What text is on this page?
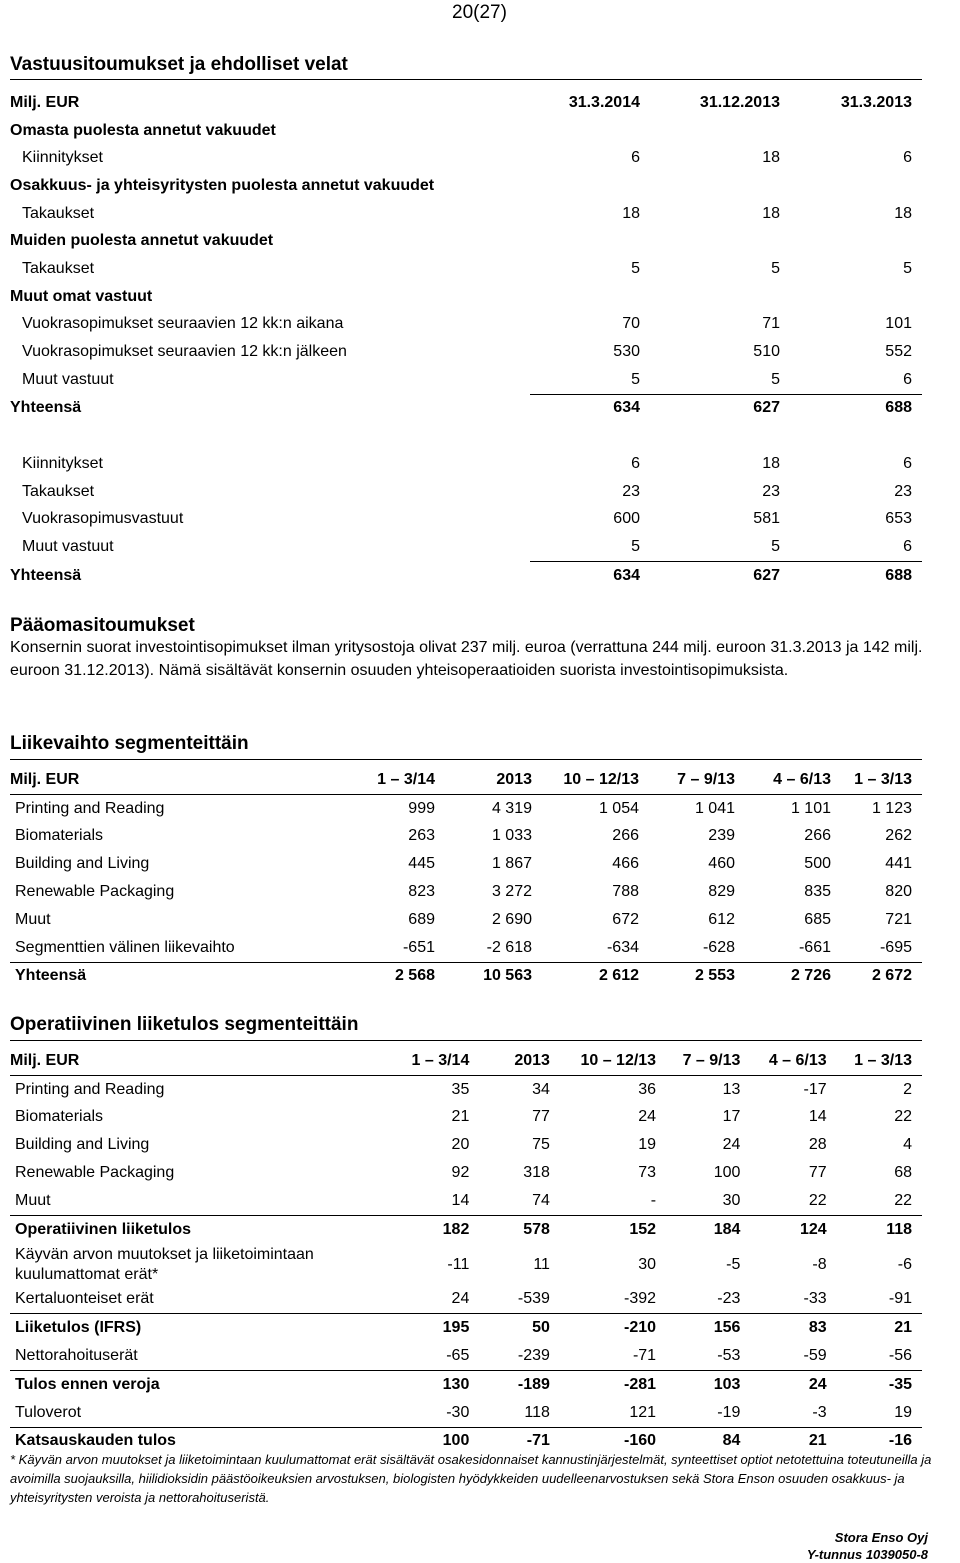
20(27)
Vastuusitoumukset ja ehdolliset velat
Milj. EUR	31.3.2014	31.12.2013	31.3.2013
Omasta puolesta annetut vakuudet			
Kiinnitykset	6	18	6
Osakkuus- ja yhteisyritysten puolesta annetut vakuudet			
Takaukset	18	18	18
Muiden puolesta annetut vakuudet			
Takaukset	5	5	5
Muut omat vastuut			
Vuokrasopimukset seuraavien 12 kk:n aikana	70	71	101
Vuokrasopimukset seuraavien 12 kk:n jälkeen	530	510	552
Muut vastuut	5	5	6
Yhteensä	634	627	688

Kiinnitykset	6	18	6
Takaukset	23	23	23
Vuokrasopimusvastuut	600	581	653
Muut vastuut	5	5	6
Yhteensä	634	627	688
Pääomasitoumukset
Konsernin suorat investointisopimukset ilman yritysostoja olivat 237 milj. euroa (verrattuna 244 milj. euroon 31.3.2013 ja 142 milj. euroon 31.12.2013). Nämä sisältävät konsernin osuuden yhteisoperaatioiden suorista investointisopimuksista.
Liikevaihto segmenteittäin
Milj. EUR	1 – 3/14	2013	10 – 12/13	7 – 9/13	4 – 6/13	1 – 3/13
Printing and Reading	999	4 319	1 054	1 041	1 101	1 123
Biomaterials	263	1 033	266	239	266	262
Building and Living	445	1 867	466	460	500	441
Renewable Packaging	823	3 272	788	829	835	820
Muut	689	2 690	672	612	685	721
Segmenttien välinen liikevaihto	-651	-2 618	-634	-628	-661	-695
Yhteensä	2 568	10 563	2 612	2 553	2 726	2 672
Operatiivinen liiketulos segmenteittäin
Milj. EUR	1 – 3/14	2013	10 – 12/13	7 – 9/13	4 – 6/13	1 – 3/13
Printing and Reading	35	34	36	13	-17	2
Biomaterials	21	77	24	17	14	22
Building and Living	20	75	19	24	28	4
Renewable Packaging	92	318	73	100	77	68
Muut	14	74	-	30	22	22
Operatiivinen liiketulos	182	578	152	184	124	118
Käyvän arvon muutokset ja liiketoimintaan kuulumattomat erät*	-11	11	30	-5	-8	-6
Kertaluonteiset erät	24	-539	-392	-23	-33	-91
Liiketulos (IFRS)	195	50	-210	156	83	21
Nettorahoituserät	-65	-239	-71	-53	-59	-56
Tulos ennen veroja	130	-189	-281	103	24	-35
Tuloverot	-30	118	121	-19	-3	19
Katsauskauden tulos	100	-71	-160	84	21	-16
* Käyvän arvon muutokset ja liiketoimintaan kuulumattomat erät sisältävät osakesidonnaiset kannustinjärjestelmät, synteettiset optiot netotettuina toteutuneilla ja avoimilla suojauksilla, hiilidioksidin päästöoikeuksien arvostuksen, biologisten hyödykkeiden uudelleenarvostuksen sekä Stora Enson osuuden osakkuus- ja yhteisyritysten veroista ja nettorahoituseristä.
Stora Enso Oyj
Y-tunnus 1039050-8
